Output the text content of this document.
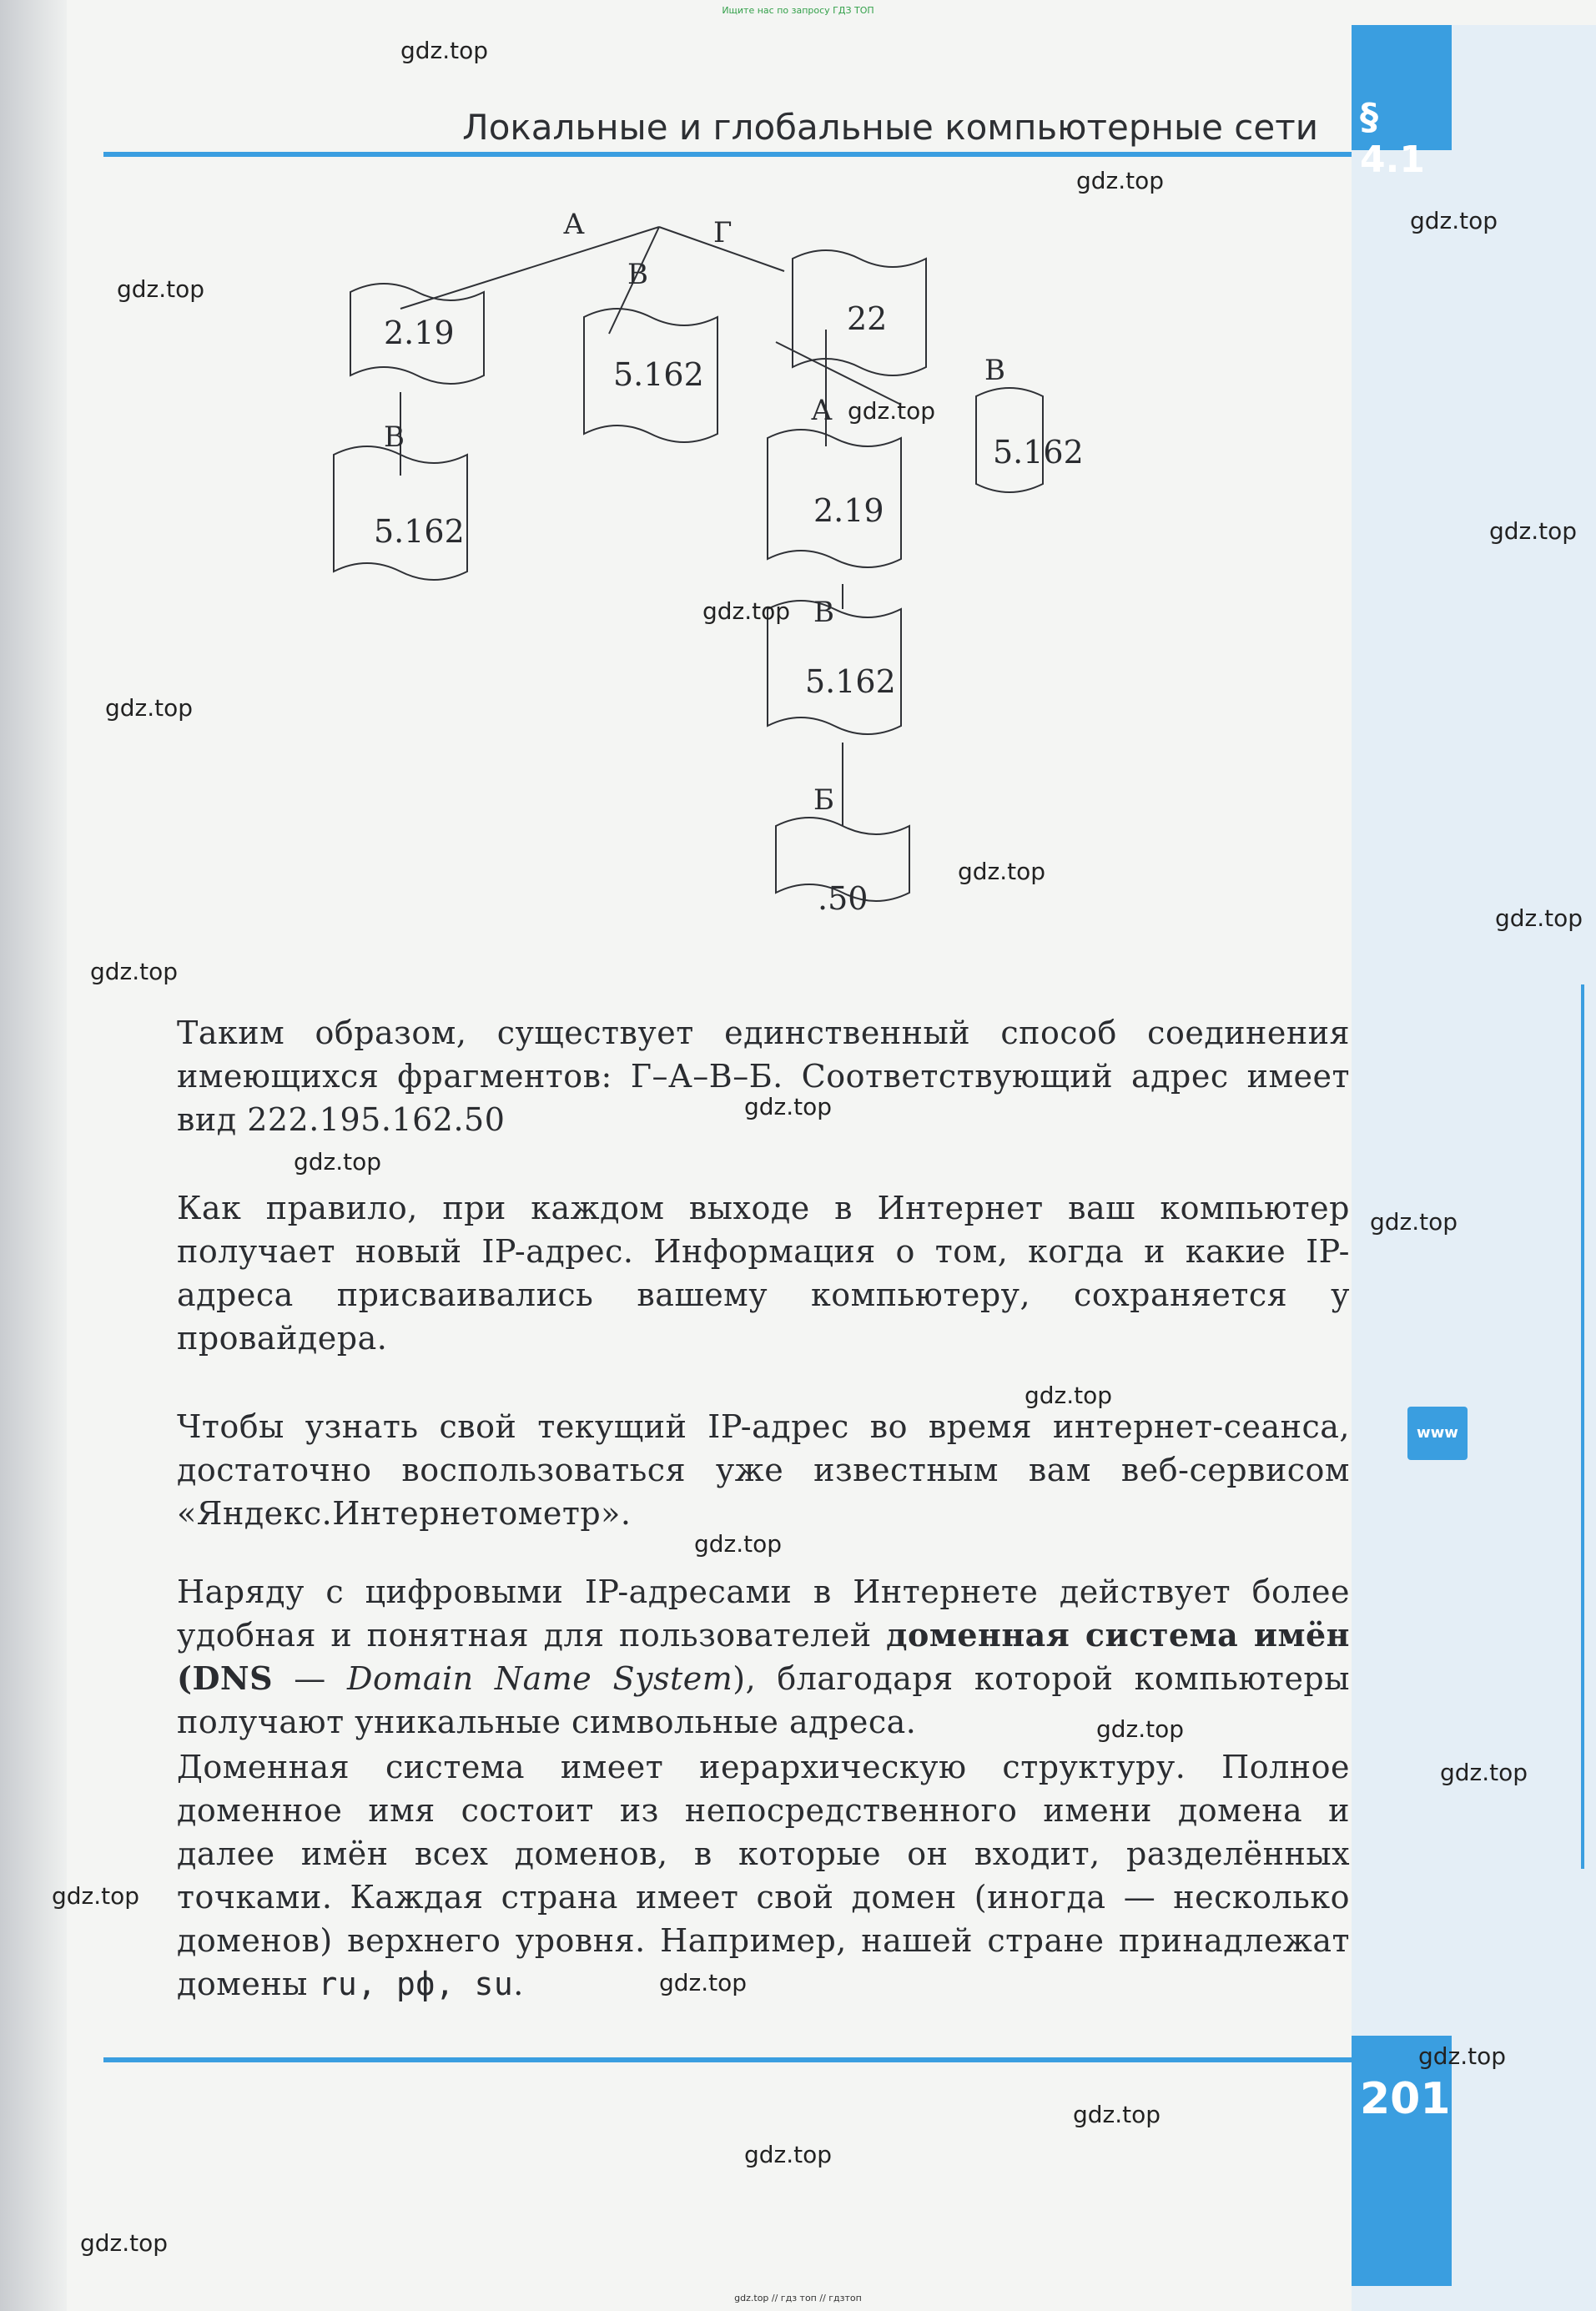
Ищите нас по запросу ГДЗ ТОП
§ 4.1
Локальные и глобальные компьютерные сети
2.19
5.162
22
5.162
5.162
2.19
5.162
.50
А	Г
В
В
А
В
В
Б
Таким образом, существует единственный способ соединения имеющихся фрагментов: Г–А–В–Б. Соответствующий адрес имеет вид 222.195.162.50
Как правило, при каждом выходе в Интернет ваш компьютер получает новый IP-адрес. Информация о том, когда и какие IP-адреса присваивались вашему компьютеру, сохраняется у провайдера.
Чтобы узнать свой текущий IP-адрес во время интернет-сеанса, достаточно воспользоваться уже известным вам веб-сервисом «Яндекс.Интернетометр».
Наряду с цифровыми IP-адресами в Интернете действует более удобная и понятная для пользователей доменная система имён (DNS — Domain Name System), благодаря которой компьютеры получают уникальные символьные адреса.
Доменная система имеет иерархическую структуру. Полное доменное имя состоит из непосредственного имени домена и далее имён всех доменов, в которые он входит, разделённых точками. Каждая страна имеет свой домен (иногда — несколько доменов) верхнего уровня. Например, нашей стране принадлежат домены ru, рф, su.
www
201
gdz.top
gdz.top
gdz.top
gdz.top
gdz.top
gdz.top
gdz.top
gdz.top
gdz.top
gdz.top
gdz.top
gdz.top
gdz.top
gdz.top
gdz.top
gdz.top
gdz.top
gdz.top
gdz.top
gdz.top
gdz.top
gdz.top
gdz.top
gdz.top
gdz.top // гдз топ // гдзтоп
